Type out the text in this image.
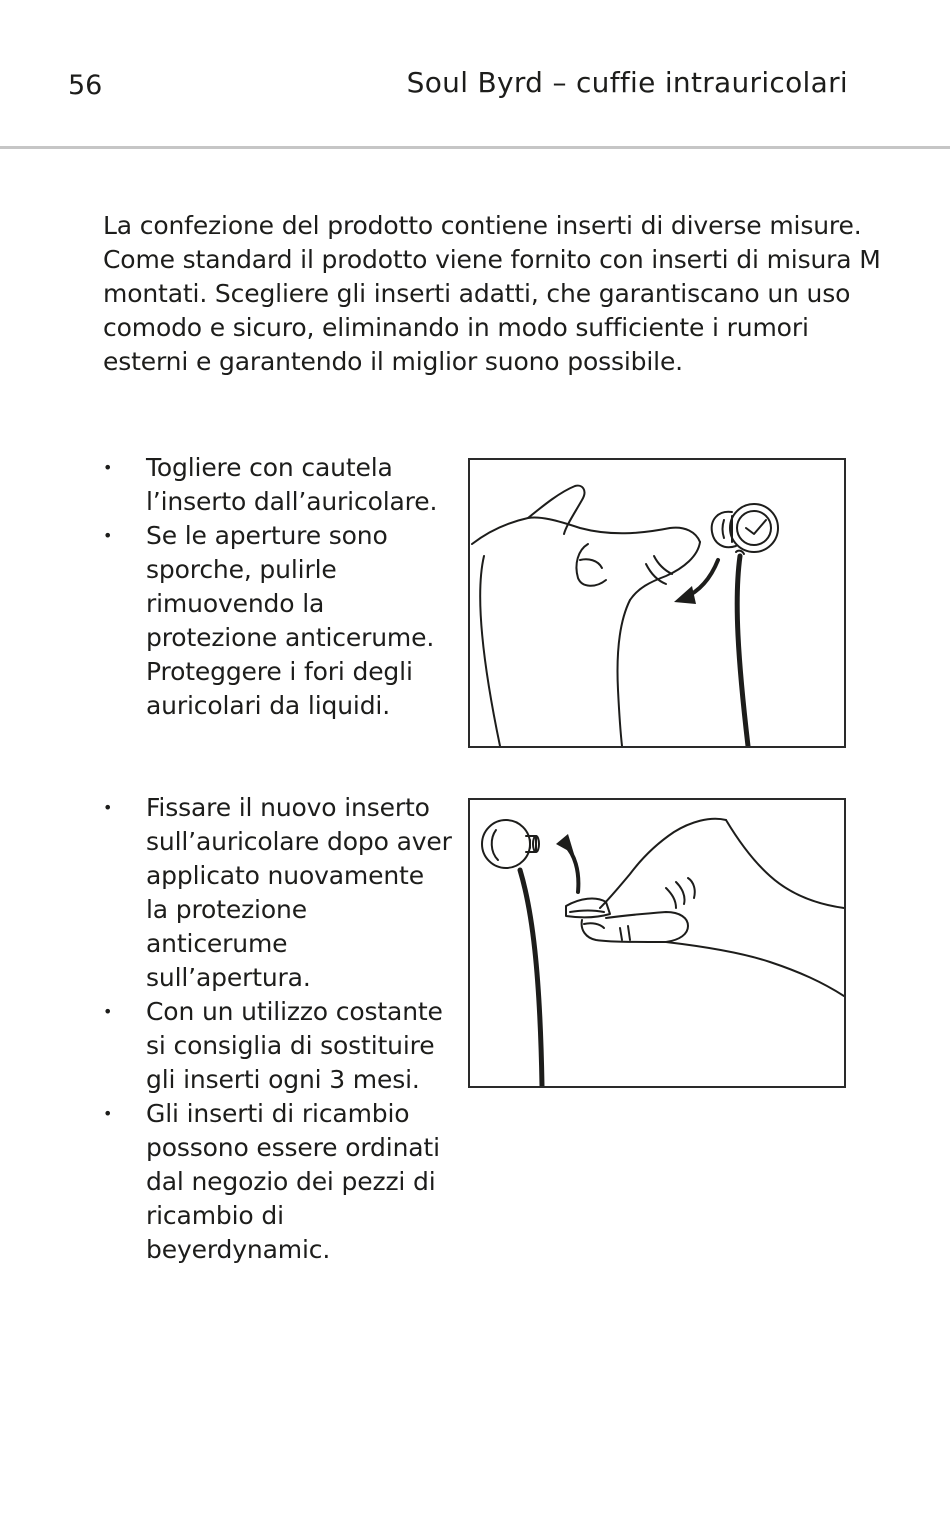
56	Soul Byrd – cuffie intrauricolari

La confezione del prodotto contiene inserti di diverse misure. Come standard il prodotto viene fornito con inserti di misura M montati. Scegliere gli inserti adatti, che garantiscano un uso comodo e sicuro, eliminando in modo sufficiente i rumori esterni e garantendo il miglior suono possibile.

• Togliere con cautela l’inserto dall’auricolare.
• Se le aperture sono sporche, pulirle rimuovendo la protezione anticerume. Proteggere i fori degli auricolari da liquidi.
• Fissare il nuovo inserto sull’auricolare dopo aver applicato nuovamente la protezione anticerume sull’apertura.
• Con un utilizzo costante si consiglia di sostituire gli inserti ogni 3 mesi.
• Gli inserti di ricambio possono essere ordinati dal negozio dei pezzi di ricambio di beyerdynamic.
